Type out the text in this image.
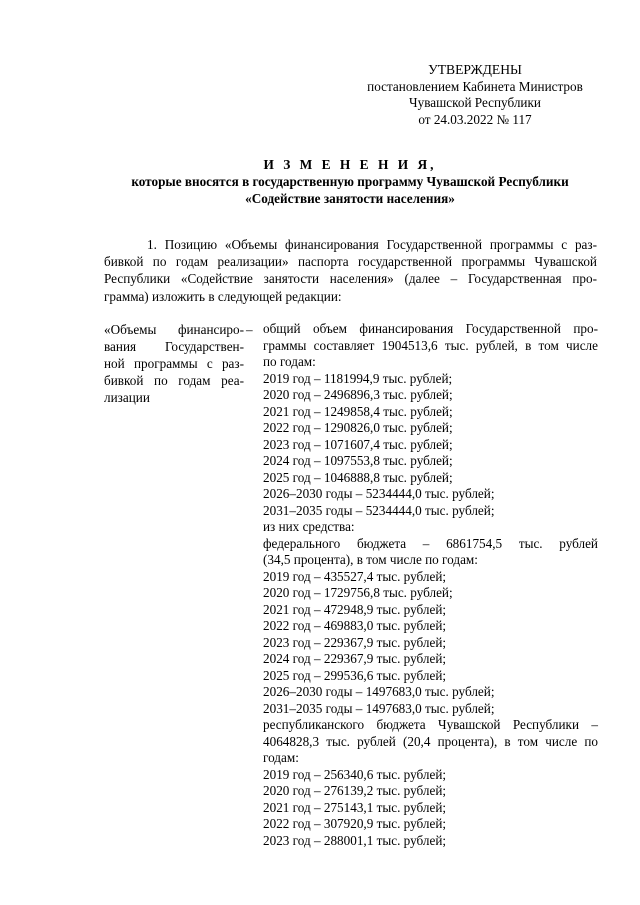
УТВЕРЖДЕНЫ
постановлением Кабинета Министров
Чувашской Республики
от 24.03.2022 № 117
И З М Е Н Е Н И Я,
которые вносятся в государственную программу Чувашской Республики
«Содействие занятости населения»
1. Позицию «Объемы финансирования Государственной программы с раз-
бивкой по годам реализации» паспорта государственной программы Чувашской
Республики «Содействие занятости населения» (далее – Государственная про-
грамма) изложить в следующей редакции:
«Объемы финансиро-
вания Государствен-
ной программы с раз-
бивкой по годам реа-
лизации
– общий объем финансирования Государственной про-
граммы составляет 1904513,6 тыс. рублей, в том числе
по годам:
2019 год – 1181994,9 тыс. рублей;
2020 год – 2496896,3 тыс. рублей;
2021 год – 1249858,4 тыс. рублей;
2022 год – 1290826,0 тыс. рублей;
2023 год – 1071607,4 тыс. рублей;
2024 год – 1097553,8 тыс. рублей;
2025 год – 1046888,8 тыс. рублей;
2026–2030 годы – 5234444,0 тыс. рублей;
2031–2035 годы – 5234444,0 тыс. рублей;
из них средства:
федерального бюджета – 6861754,5 тыс. рублей
(34,5 процента), в том числе по годам:
2019 год – 435527,4 тыс. рублей;
2020 год – 1729756,8 тыс. рублей;
2021 год – 472948,9 тыс. рублей;
2022 год – 469883,0 тыс. рублей;
2023 год – 229367,9 тыс. рублей;
2024 год – 229367,9 тыс. рублей;
2025 год – 299536,6 тыс. рублей;
2026–2030 годы – 1497683,0 тыс. рублей;
2031–2035 годы – 1497683,0 тыс. рублей;
республиканского бюджета Чувашской Республики –
4064828,3 тыс. рублей (20,4 процента), в том числе по
годам:
2019 год – 256340,6 тыс. рублей;
2020 год – 276139,2 тыс. рублей;
2021 год – 275143,1 тыс. рублей;
2022 год – 307920,9 тыс. рублей;
2023 год – 288001,1 тыс. рублей;
